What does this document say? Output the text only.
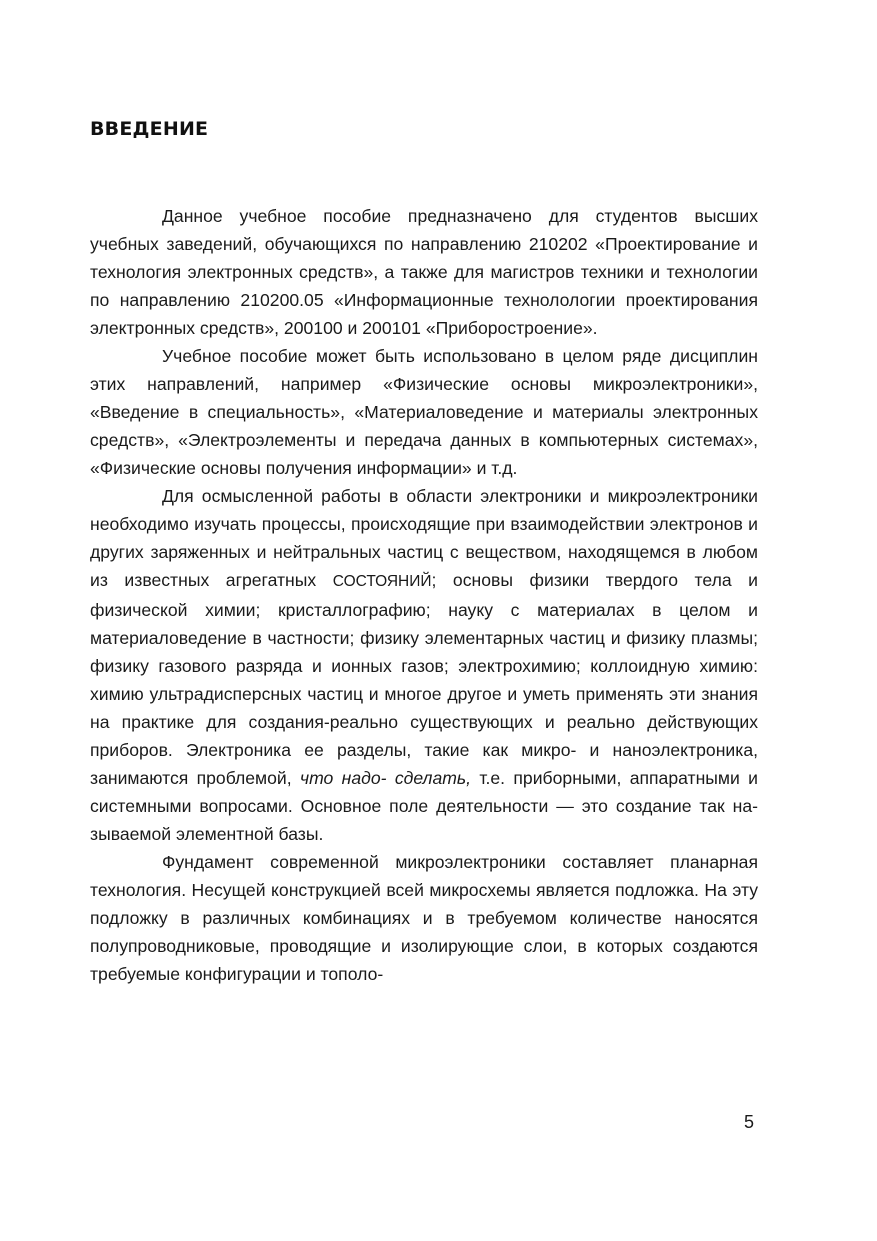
ВВЕДЕНИЕ

Данное учебное пособие предназначено для студентов высших учебных заведений, обучающихся по направлению 210202 «Проектирование и технология электронных средств», а также для магистров техники и технологии по направлению 210200.05 «Информационные технолологии проектирования электронных средств», 200100 и 200101 «Приборостроение».

Учебное пособие может быть использовано в целом ряде дисциплин этих направлений, например «Физические основы микроэлектроники», «Введение в специальность», «Материаловедение и материалы электронных средств», «Электроэлементы и передача данных в компьютерных системах», «Физические основы получения информации» и т.д.

Для осмысленной работы в области электроники и микроэлектроники необходимо изучать процессы, происходящие при взаимодействии электронов и других заряженных и нейтральных частиц с веществом, находящемся в любом из известных агрегатных СОСТОЯНИЙ; основы физики твердого тела и физической химии; кристаллографию; науку с материалах в целом и материаловедение в частности; физику элементарных частиц и физику плазмы; физику газового разряда и ионных газов; электрохимию; коллоидную химию: химию ультрадисперсных частиц и многое другое и уметь применять эти знания на практике для создания-реально существующих и реально действующих приборов. Электроника ее разделы, такие как микро- и наноэлектроника, занимаются проблемой, что надо- сделать, т.е. приборными, аппаратными и системными вопросами. Основное поле деятельности — это создание так называемой элементной базы.

Фундамент современной микроэлектроники составляет планарная технология. Несущей конструкцией всей микросхемы является подложка. На эту подложку в различных комбинациях и в требуемом количестве наносятся полупроводниковые, проводящие и изолирующие слои, в которых создаются требуемые конфигурации и тополо-

5
